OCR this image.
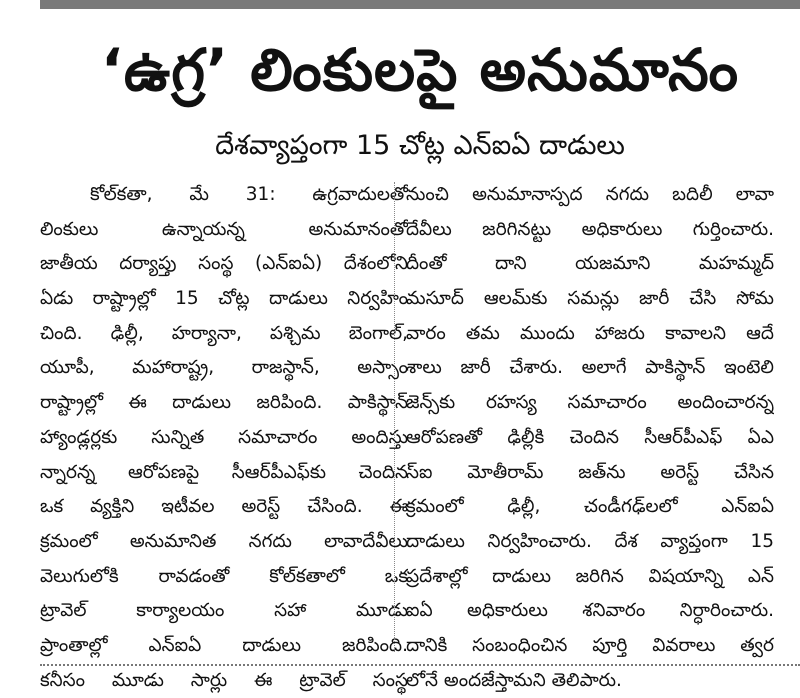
‘ఉగ్ర’ లింకులపై అనుమానం
దేశవ్యాప్తంగా 15 చోట్ల ఎన్‌ఐఏ దాడులు
కోల్‌కతా, మే 31: ఉగ్రవాదులతో
లింకులు ఉన్నాయన్న అనుమానంతో
జాతీయ దర్యాప్తు సంస్థ (ఎన్‌ఐఏ) దేశంలోని
ఏడు రాష్ట్రాల్లో 15 చోట్ల దాడులు నిర్వహిం
చింది. ఢిల్లీ, హర్యానా, పశ్చిమ బెంగాల్,
యూపీ, మహారాష్ట్ర, రాజస్థాన్, అస్సాం
రాష్ట్రాల్లో ఈ దాడులు జరిపింది. పాకిస్థాన్
హ్యాండ్లర్లకు సున్నిత సమాచారం అందిస్తు
న్నారన్న ఆరోపణపై సీఆర్‌పీఎఫ్‌కు చెందిన
ఒక వ్యక్తిని ఇటీవల అరెస్ట్ చేసింది. ఈ
క్రమంలో అనుమానిత నగదు లావాదేవీలు
వెలుగులోకి రావడంతో కోల్‌కతాలో ఒక
ట్రావెల్ కార్యాలయం సహా మూడు
ప్రాంతాల్లో ఎన్‌ఐఏ దాడులు జరిపింది.
కనీసం మూడు సార్లు ఈ ట్రావెల్ సంస్థ
నుంచి అనుమానాస్పద నగదు బదిలీ లావా
దేవీలు జరిగినట్టు అధికారులు గుర్తించారు.
దీంతో దాని యజమాని మహమ్మద్
మసూద్ ఆలమ్‌కు సమన్లు జారీ చేసి సోమ
వారం తమ ముందు హాజరు కావాలని ఆదే
శాలు జారీ చేశారు. అలాగే పాకిస్థాన్ ఇంటెలి
జెన్స్‌కు రహస్య సమాచారం అందించారన్న
ఆరోపణతో ఢిల్లీకి చెందిన సీఆర్‌పీఎఫ్ ఏఎ
స్‌ఐ మోతీరామ్ జత్‌ను అరెస్ట్ చేసిన
క్రమంలో ఢిల్లీ, చండీగఢ్‌లలో ఎన్‌ఐఏ
దాడులు నిర్వహించారు. దేశ వ్యాప్తంగా 15
ప్రదేశాల్లో దాడులు జరిగిన విషయాన్ని ఎన్
ఐఏ అధికారులు శనివారం నిర్ధారించారు.
దానికి సంబంధించిన పూర్తి వివరాలు త్వర
లోనే అందజేస్తామని తెలిపారు.
